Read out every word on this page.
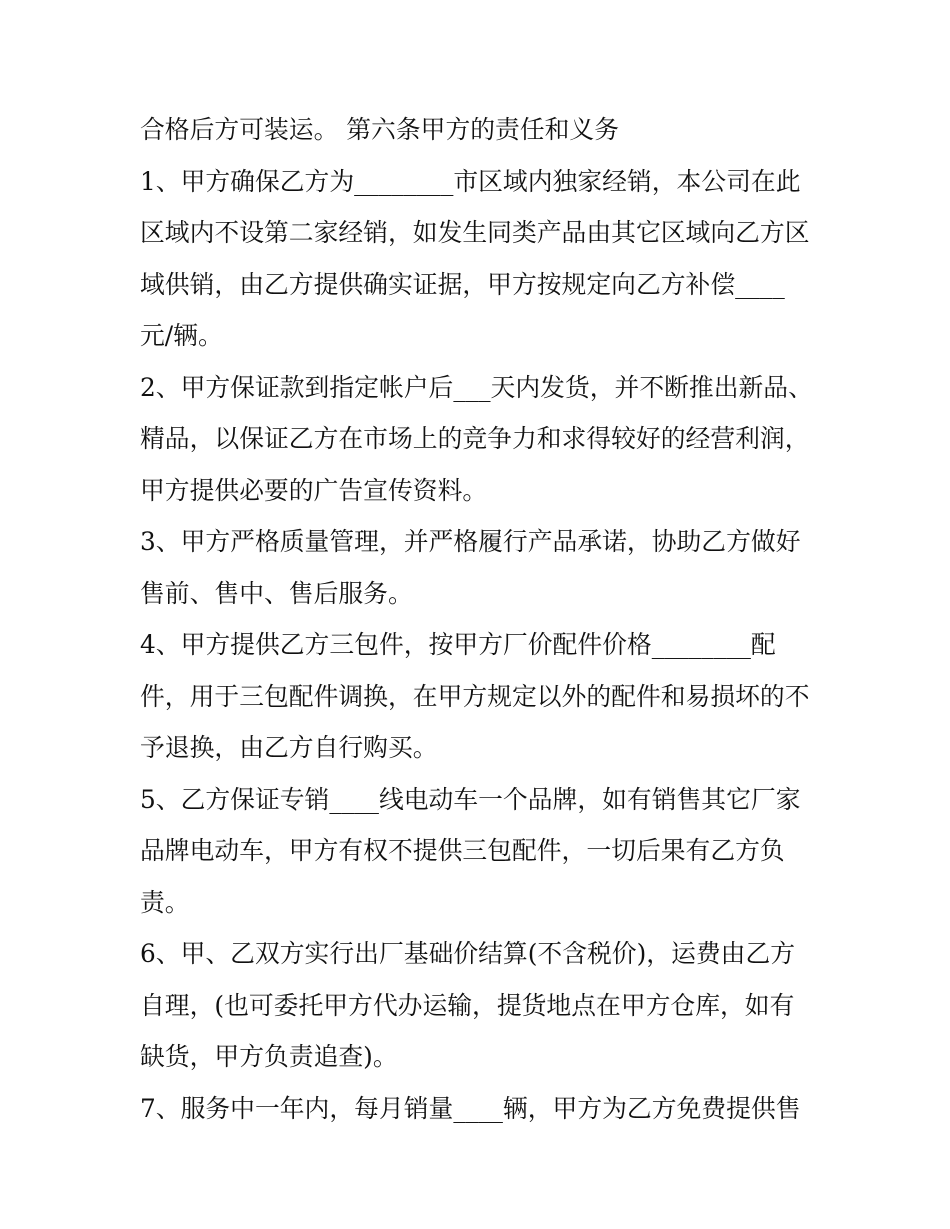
合格后方可装运。 第六条甲方的责任和义务
1、甲方确保乙方为________市区域内独家经销，本公司在此
区域内不设第二家经销，如发生同类产品由其它区域向乙方区
域供销，由乙方提供确实证据，甲方按规定向乙方补偿____
元/辆。
2、甲方保证款到指定帐户后___天内发货，并不断推出新品、
精品，以保证乙方在市场上的竞争力和求得较好的经营利润，
甲方提供必要的广告宣传资料。
3、甲方严格质量管理，并严格履行产品承诺，协助乙方做好
售前、售中、售后服务。
4、甲方提供乙方三包件，按甲方厂价配件价格________配
件，用于三包配件调换，在甲方规定以外的配件和易损坏的不
予退换，由乙方自行购买。
5、乙方保证专销____线电动车一个品牌，如有销售其它厂家
品牌电动车，甲方有权不提供三包配件，一切后果有乙方负
责。
6、甲、乙双方实行出厂基础价结算(不含税价)，运费由乙方
自理，(也可委托甲方代办运输，提货地点在甲方仓库，如有
缺货，甲方负责追查)。
7、服务中一年内，每月销量____辆，甲方为乙方免费提供售
